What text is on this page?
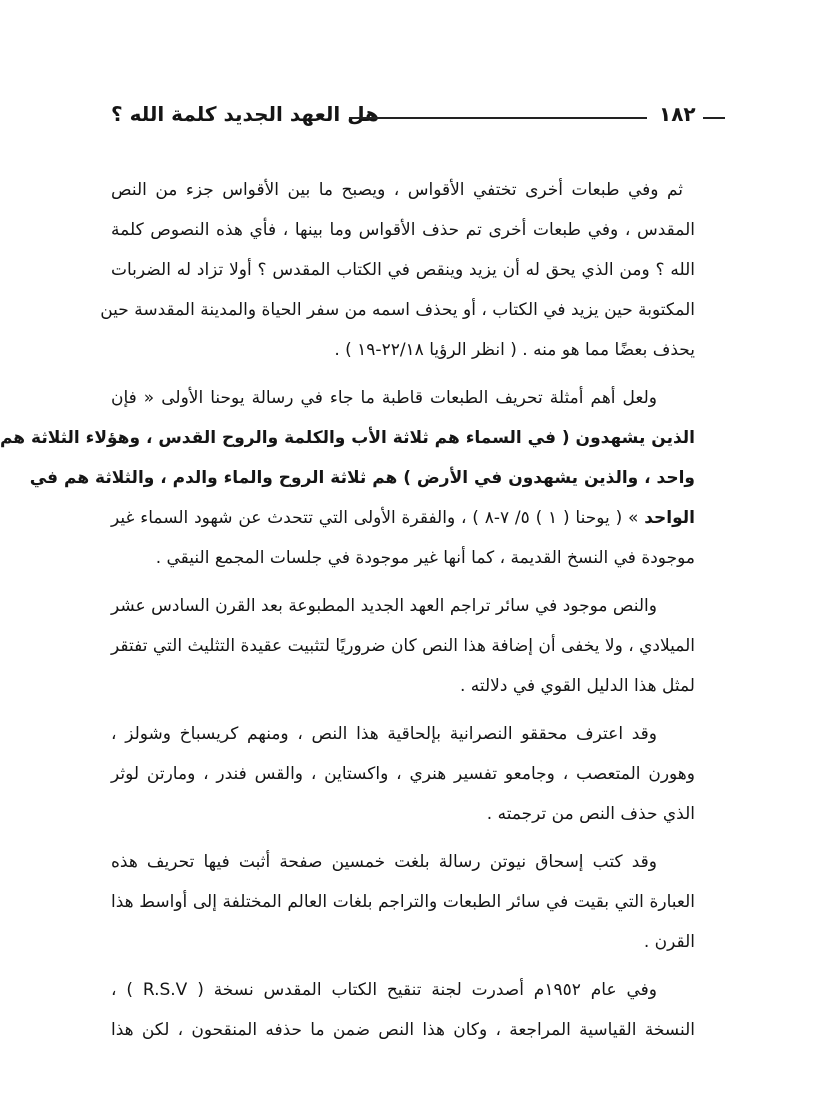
هل العهد الجديد كلمة الله ؟	١٨٢
ثم وفي طبعات أخرى تختفي الأقواس ، ويصبح ما بين الأقواس جزء من النص
المقدس ، وفي طبعات أخرى تم حذف الأقواس وما بينها ، فأي هذه النصوص كلمة
الله ؟ ومن الذي يحق له أن يزيد وينقص في الكتاب المقدس ؟ أولا تزاد له الضربات
المكتوبة حين يزيد في الكتاب ، أو يحذف اسمه من سفر الحياة والمدينة المقدسة حين
يحذف بعضًا مما هو منه . ( انظر الرؤيا ٢٢/١٨-١٩ ) .
ولعل أهم أمثلة تحريف الطبعات قاطبة ما جاء في رسالة يوحنا الأولى « فإن
الذين يشهدون ( في السماء هم ثلاثة الأب والكلمة والروح القدس ، وهؤلاء الثلاثة هم
واحد ، والذين يشهدون في الأرض ) هم ثلاثة الروح والماء والدم ، والثلاثة هم في
الواحد » ( يوحنا ( ١ ) ٥/ ٧-٨ ) ، والفقرة الأولى التي تتحدث عن شهود السماء غير
موجودة في النسخ القديمة ، كما أنها غير موجودة في جلسات المجمع النيقي .
والنص موجود في سائر تراجم العهد الجديد المطبوعة بعد القرن السادس عشر
الميلادي ، ولا يخفى أن إضافة هذا النص كان ضروريًا لتثبيت عقيدة التثليث التي تفتقر
لمثل هذا الدليل القوي في دلالته .
وقد اعترف محققو النصرانية بإلحاقية هذا النص ، ومنهم كريسباخ وشولز ،
وهورن المتعصب ، وجامعو تفسير هنري ، واكستاين ، والقس فندر ، ومارتن لوثر
الذي حذف النص من ترجمته .
وقد كتب إسحاق نيوتن رسالة بلغت خمسين صفحة أثبت فيها تحريف هذه
العبارة التي بقيت في سائر الطبعات والتراجم بلغات العالم المختلفة إلى أواسط هذا
القرن .
وفي عام ١٩٥٢م أصدرت لجنة تنقيح الكتاب المقدس نسخة ( R.S.V ) ،
النسخة القياسية المراجعة ، وكان هذا النص ضمن ما حذفه المنقحون ، لكن هذا
